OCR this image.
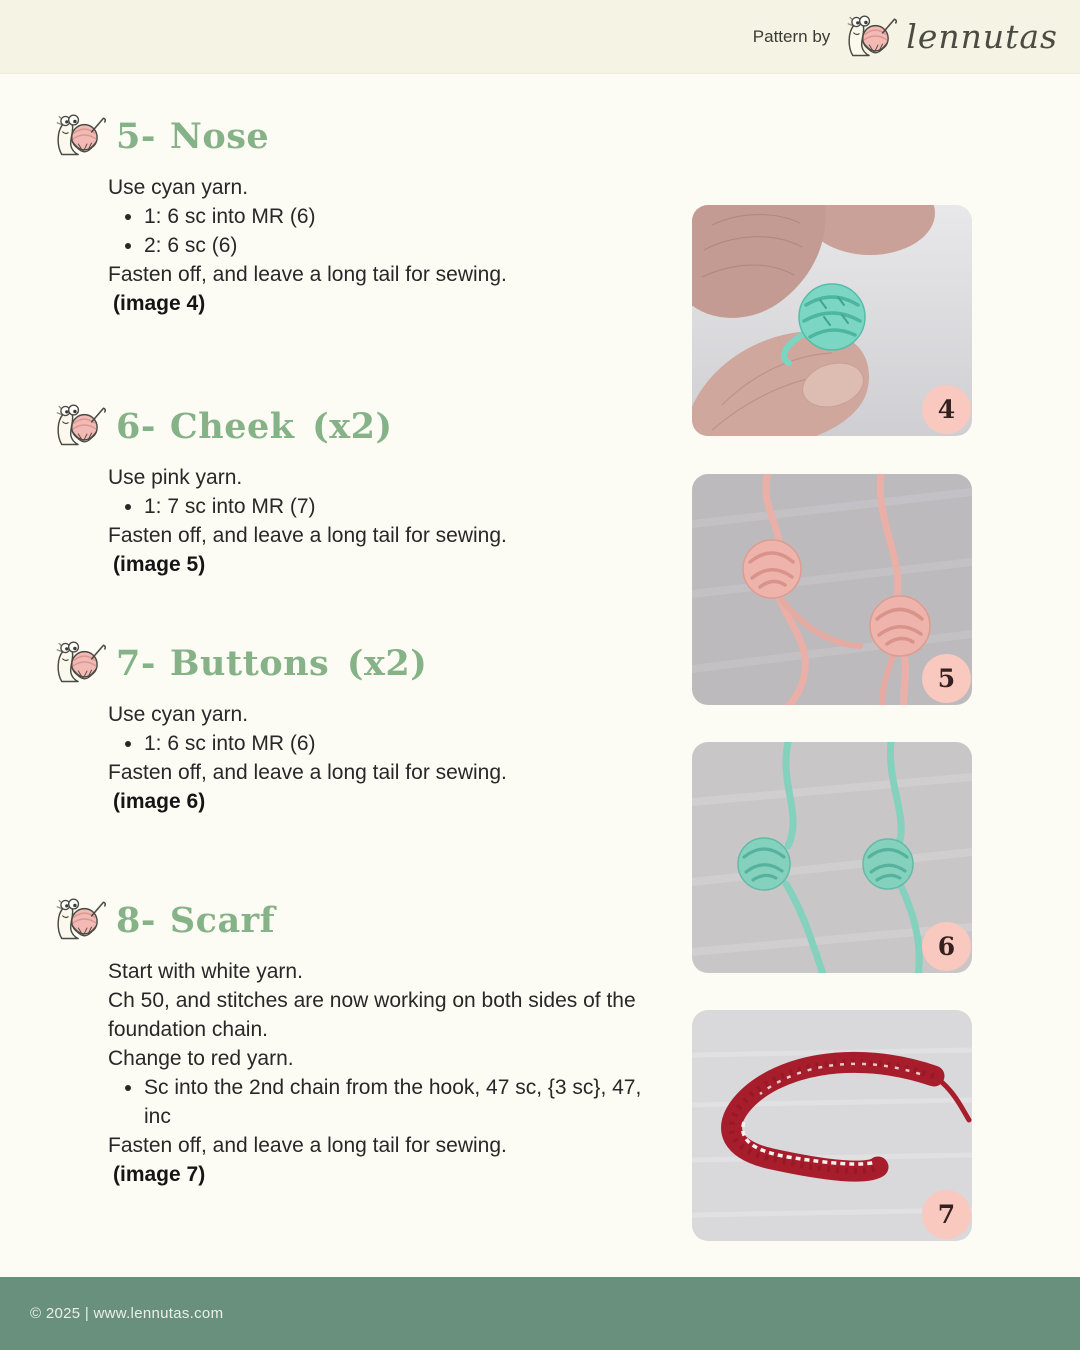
Pattern by lennutas
5- Nose

Use cyan yarn.

• 1: 6 sc into MR (6)
• 2: 6 sc (6)

Fasten off, and leave a long tail for sewing.

(image 4)

6- Cheek (x2)

Use pink yarn.

• 1: 7 sc into MR (7)

Fasten off, and leave a long tail for sewing.

(image 5)

7- Buttons (x2)

Use cyan yarn.

• 1: 6 sc into MR (6)

Fasten off, and leave a long tail for sewing.

(image 6)

8- Scarf

Start with white yarn.

Ch 50, and stitches are now working on both sides of the foundation chain.

Change to red yarn.

• Sc into the 2nd chain from the hook, 47 sc, {3 sc}, 47, inc

Fasten off, and leave a long tail for sewing.

(image 7)

4
5
6
7
© 2025 | www.lennutas.com
